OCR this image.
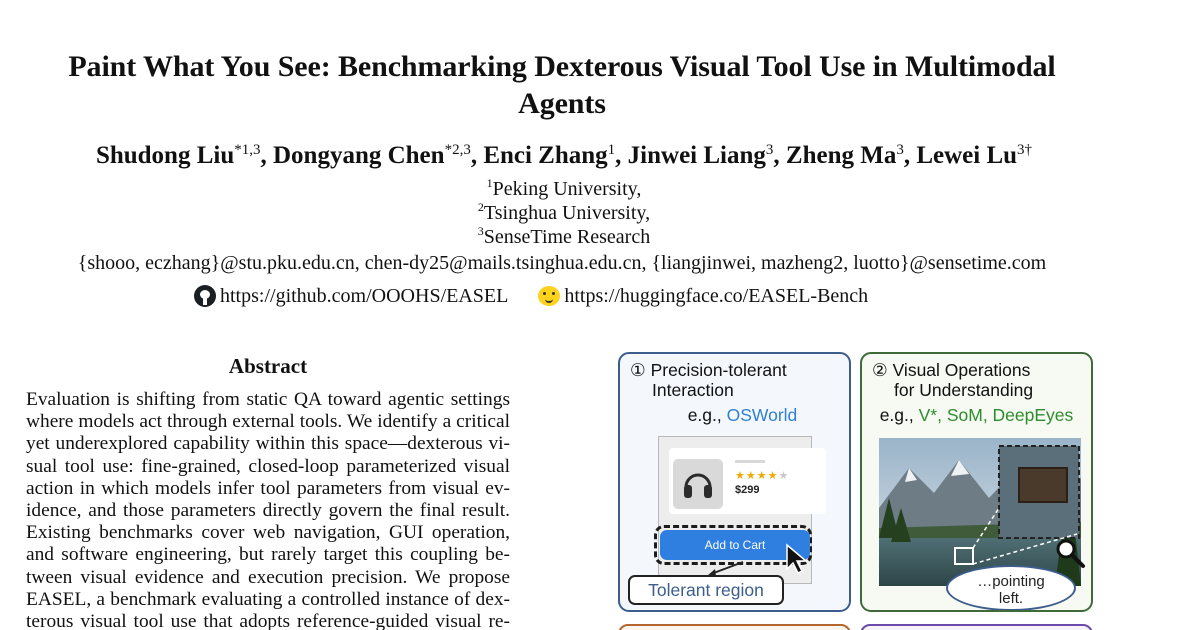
Paint What You See: Benchmarking Dexterous Visual Tool Use in Multimodal
Agents
Shudong Liu$^{*1,3}$, Dongyang Chen$^{*2,3}$, Enci Zhang$^1$, Jinwei Liang$^3$, Zheng Ma$^3$, Lewei $Lu^{3\dagger}$
$^1$Peking University,
$^2$Tsinghua University,
$^3$SenseTime Research
{shooo, eczhang}@stu.pku.edu.cn, chen-dy25@mails.tsinghua.edu.cn, {liangjinwei, mazheng2, luotto}@sensetime.com
https://github.com/OOOHS/EASEL	https://huggingface.co/EASEL-Bench
Abstract
Evaluation is shifting from static QA toward agentic settings
where models act through external tools. We identify a critical
yet underexplored capability within this space—dexterous vi-
sual tool use: fine-grained, closed-loop parameterized visual
action in which models infer tool parameters from visual ev-
idence, and those parameters directly govern the final result.
Existing benchmarks cover web navigation, GUI operation,
and software engineering, but rarely target this coupling be-
tween visual evidence and execution precision. We propose
EASEL, a benchmark evaluating a controlled instance of dex-
terous visual tool use that adopts reference-guided visual re-
① Precision-tolerant
Interaction
e.g., OSWorld
★★★★★
$299
Add to Cart
Tolerant region
② Visual Operations
for Understanding
e.g., V*, SoM, DeepEyes
…pointing
left.
